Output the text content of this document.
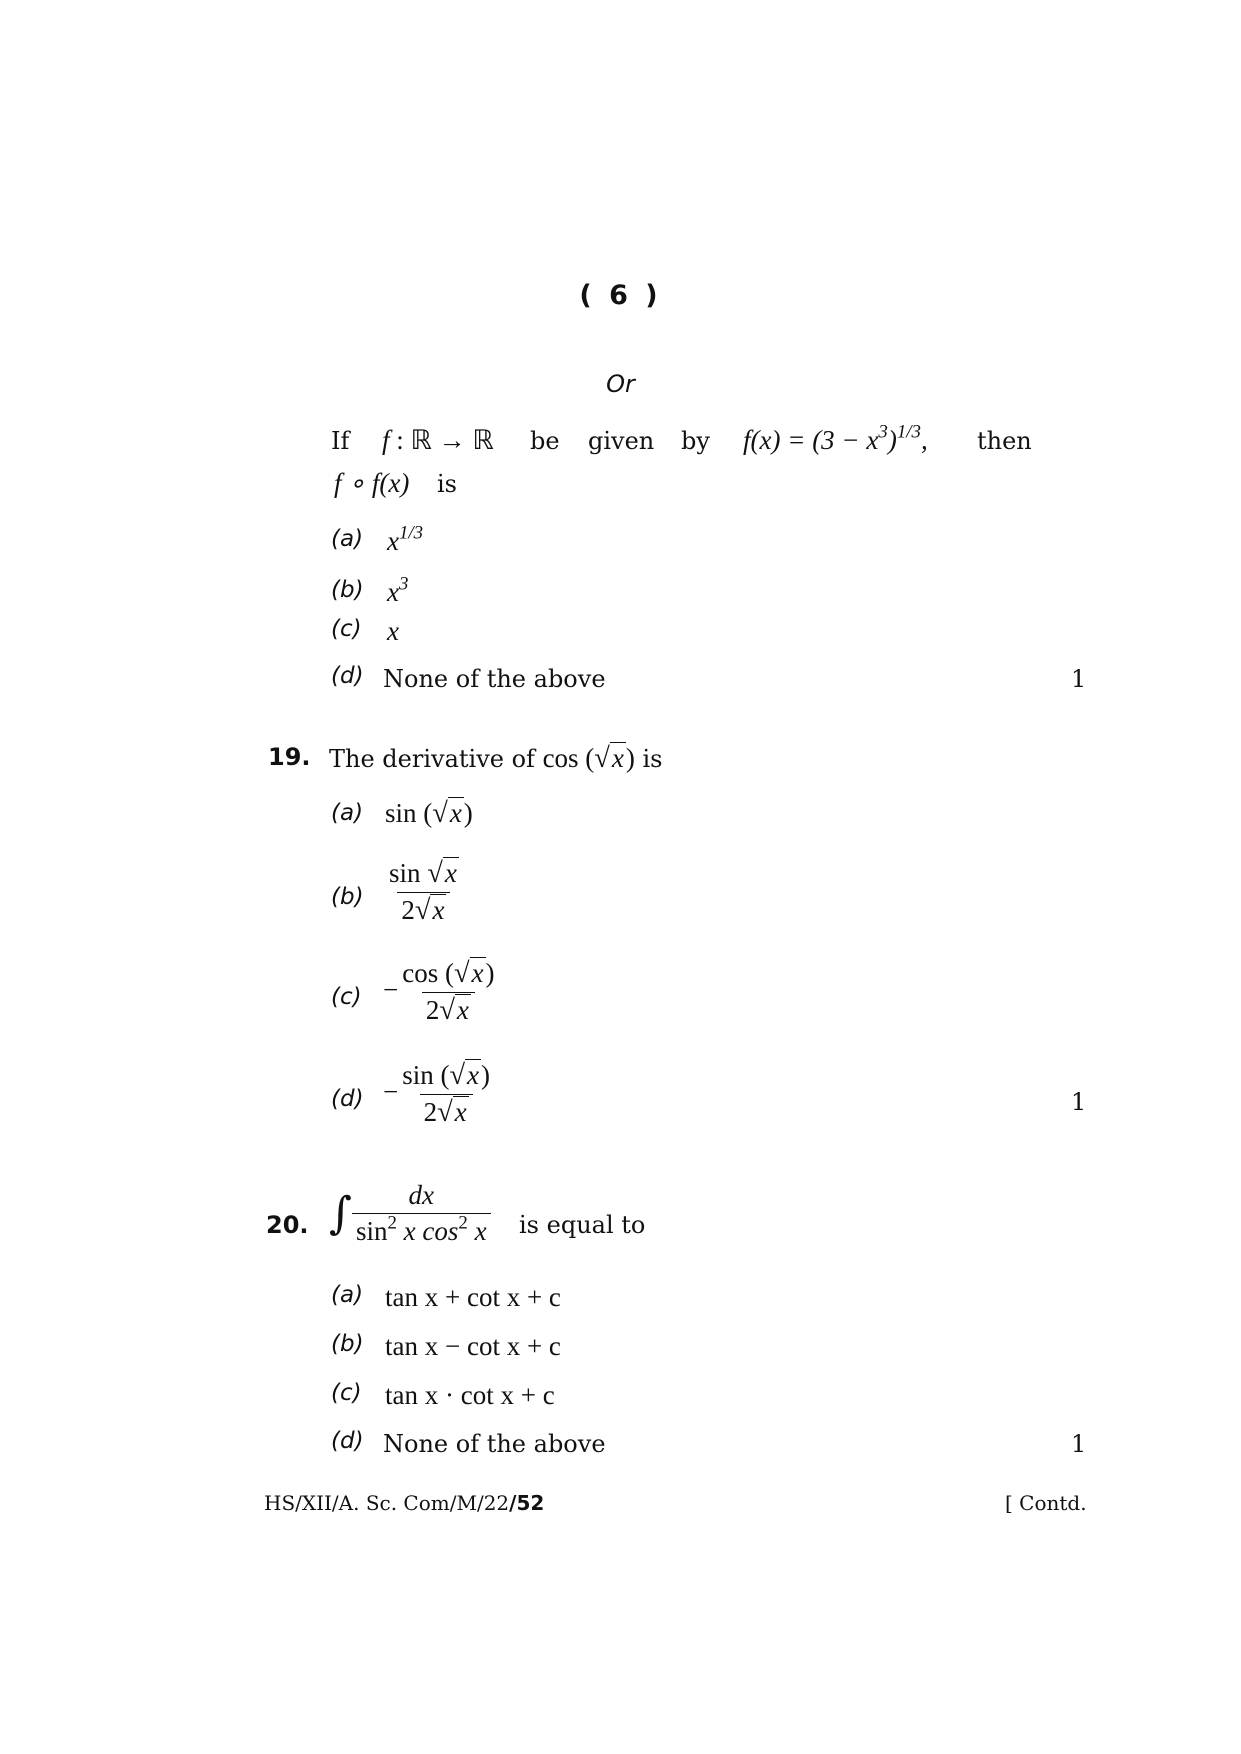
( 6 )
Or
If f : ℝ → ℝ be given by $f(x) = (3 - x^3)^{1/3}$, then
f ∘ f(x) is
(a) $x^{1/3}$
(b) $x^3$
(c) x
(d) None of the above	1
19. The derivative of cos (√x) is
(a) sin (√x)
$(b) \frac{\sin √x}{2√x}$
$(c) - \frac{\cos (√x)}{2√x}$
$(d) - \frac{\sin (√x)}{2√x}$	1
20. ∫ $\frac{dx}{\sin^2 x \cos^2 x}$ is equal to
(a) tan x + cot x + c
(b) tan x − cot x + c
(c) tan x · cot x + c
(d) None of the above	1
HS/XII/A. Sc. Com/M/22/52	[ Contd.
